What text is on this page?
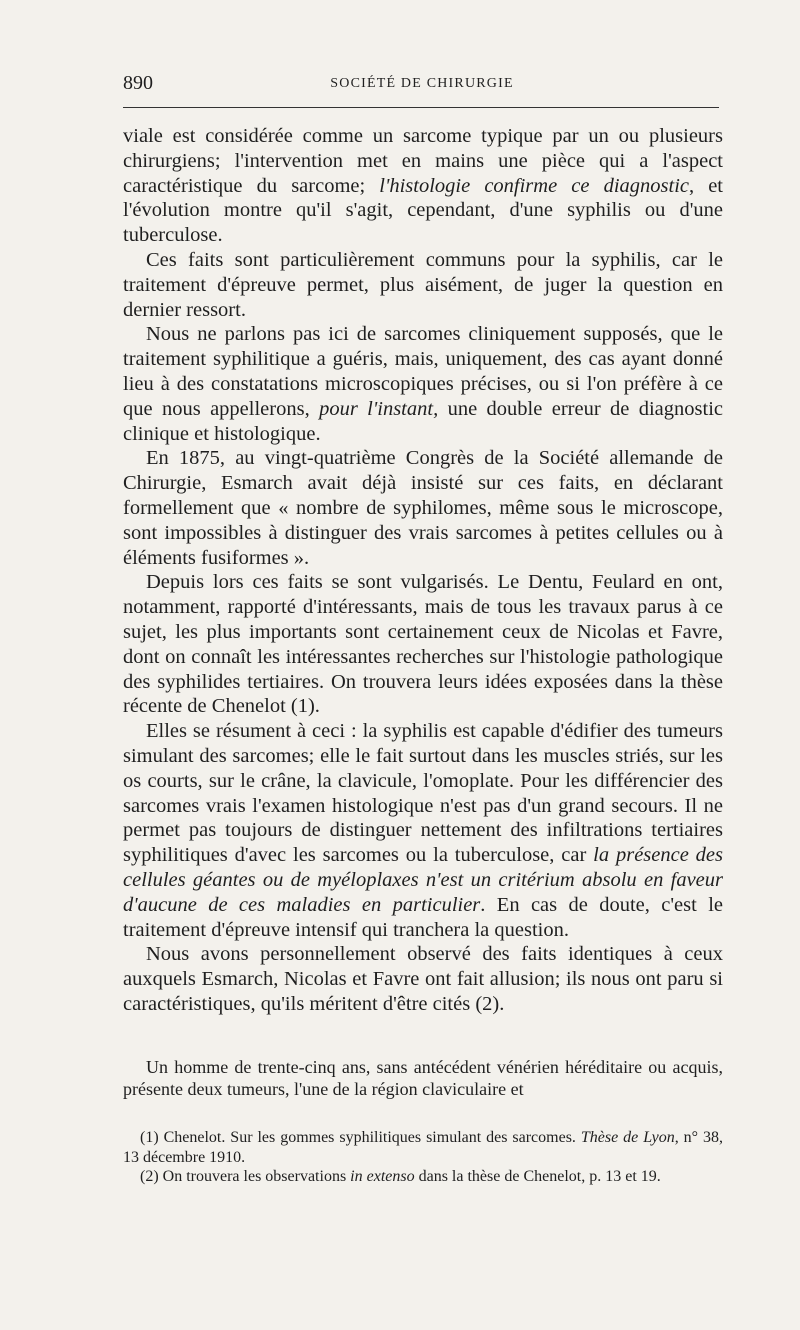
890	SOCIÉTÉ DE CHIRURGIE

viale est considérée comme un sarcome typique par un ou plusieurs chirurgiens; l'intervention met en mains une pièce qui a l'aspect caractéristique du sarcome; l'histologie confirme ce diagnostic, et l'évolution montre qu'il s'agit, cependant, d'une syphilis ou d'une tuberculose.

Ces faits sont particulièrement communs pour la syphilis, car le traitement d'épreuve permet, plus aisément, de juger la question en dernier ressort.

Nous ne parlons pas ici de sarcomes cliniquement supposés, que le traitement syphilitique a guéris, mais, uniquement, des cas ayant donné lieu à des constatations microscopiques précises, ou si l'on préfère à ce que nous appellerons, pour l'instant, une double erreur de diagnostic clinique et histologique.

En 1875, au vingt-quatrième Congrès de la Société allemande de Chirurgie, Esmarch avait déjà insisté sur ces faits, en déclarant formellement que « nombre de syphilomes, même sous le microscope, sont impossibles à distinguer des vrais sarcomes à petites cellules ou à éléments fusiformes ».

Depuis lors ces faits se sont vulgarisés. Le Dentu, Feulard en ont, notamment, rapporté d'intéressants, mais de tous les travaux parus à ce sujet, les plus importants sont certainement ceux de Nicolas et Favre, dont on connaît les intéressantes recherches sur l'histologie pathologique des syphilides tertiaires. On trouvera leurs idées exposées dans la thèse récente de Chenelot (1).

Elles se résument à ceci : la syphilis est capable d'édifier des tumeurs simulant des sarcomes; elle le fait surtout dans les muscles striés, sur les os courts, sur le crâne, la clavicule, l'omoplate. Pour les différencier des sarcomes vrais l'examen histologique n'est pas d'un grand secours. Il ne permet pas toujours de distinguer nettement des infiltrations tertiaires syphilitiques d'avec les sarcomes ou la tuberculose, car la présence des cellules géantes ou de myéloplaxes n'est un critérium absolu en faveur d'aucune de ces maladies en particulier. En cas de doute, c'est le traitement d'épreuve intensif qui tranchera la question.

Nous avons personnellement observé des faits identiques à ceux auxquels Esmarch, Nicolas et Favre ont fait allusion; ils nous ont paru si caractéristiques, qu'ils méritent d'être cités (2).

Un homme de trente-cinq ans, sans antécédent vénérien héréditaire ou acquis, présente deux tumeurs, l'une de la région claviculaire et

(1) Chenelot. Sur les gommes syphilitiques simulant des sarcomes. Thèse de Lyon, n° 38, 13 décembre 1910.

(2) On trouvera les observations in extenso dans la thèse de Chenelot, p. 13 et 19.
